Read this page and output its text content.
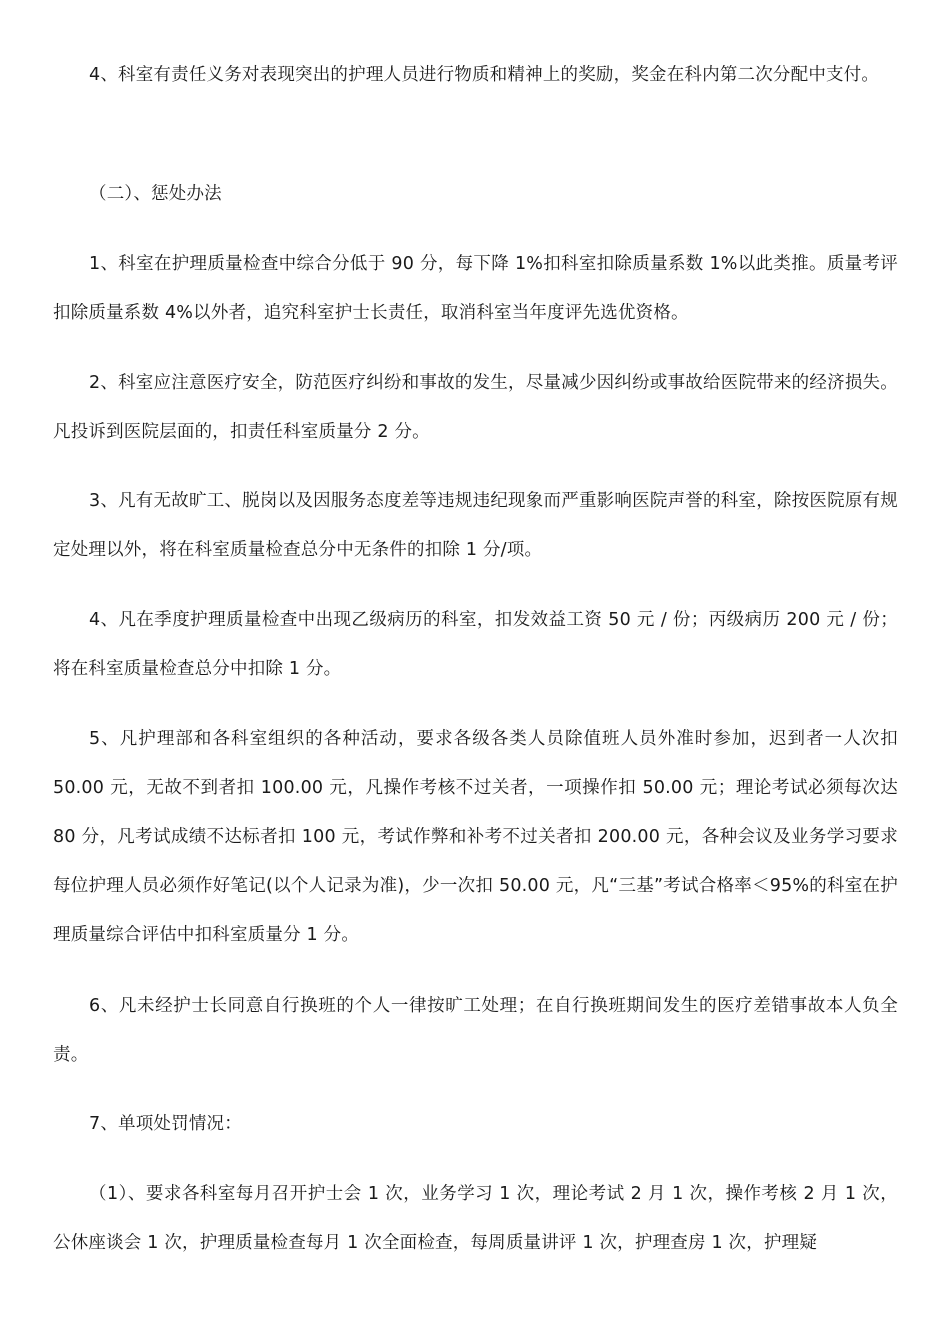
4、科室有责任义务对表现突出的护理人员进行物质和精神上的奖励，奖金在科内第二次分配中支付。

（二）、惩处办法

1、科室在护理质量检查中综合分低于 90 分，每下降 1%扣科室扣除质量系数 1%以此类推。质量考评扣除质量系数 4%以外者，追究科室护士长责任，取消科室当年度评先选优资格。

2、科室应注意医疗安全，防范医疗纠纷和事故的发生，尽量减少因纠纷或事故给医院带来的经济损失。凡投诉到医院层面的，扣责任科室质量分 2 分。

3、凡有无故旷工、脱岗以及因服务态度差等违规违纪现象而严重影响医院声誉的科室，除按医院原有规定处理以外，将在科室质量检查总分中无条件的扣除 1 分/项。

4、凡在季度护理质量检查中出现乙级病历的科室，扣发效益工资 50 元 / 份；丙级病历 200 元 / 份；将在科室质量检查总分中扣除 1 分。

5、凡护理部和各科室组织的各种活动，要求各级各类人员除值班人员外准时参加，迟到者一人次扣 50.00 元，无故不到者扣 100.00 元，凡操作考核不过关者，一项操作扣 50.00 元；理论考试必须每次达 80 分，凡考试成绩不达标者扣 100 元，考试作弊和补考不过关者扣 200.00 元，各种会议及业务学习要求每位护理人员必须作好笔记(以个人记录为准)，少一次扣 50.00 元，凡“三基”考试合格率＜95%的科室在护理质量综合评估中扣科室质量分 1 分。

6、凡未经护士长同意自行换班的个人一律按旷工处理；在自行换班期间发生的医疗差错事故本人负全责。

7、单项处罚情况：

（1）、要求各科室每月召开护士会 1 次，业务学习 1 次，理论考试 2 月 1 次，操作考核 2 月 1 次，公休座谈会 1 次，护理质量检查每月 1 次全面检查，每周质量讲评 1 次，护理查房 1 次，护理疑
